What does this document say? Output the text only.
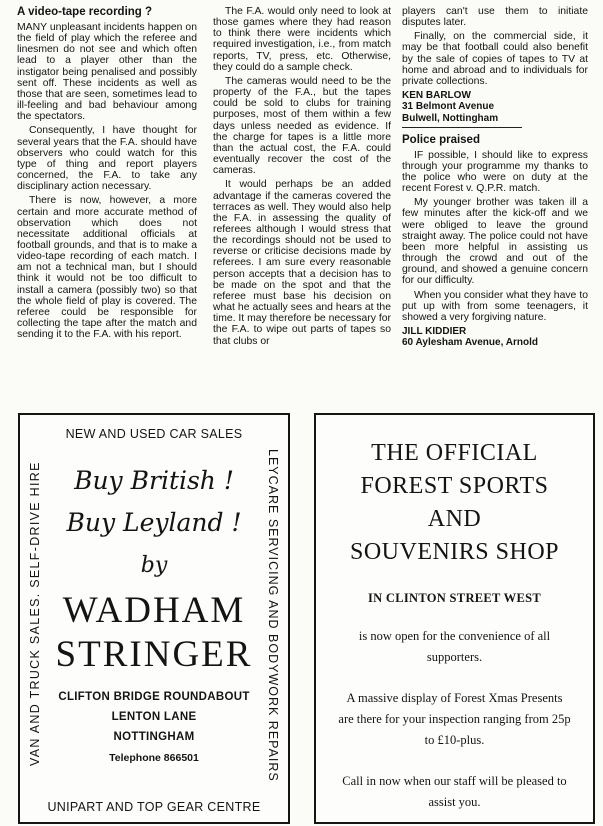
A video-tape recording ?

MANY unpleasant incidents happen on the field of play which the referee and linesmen do not see and which often lead to a player other than the instigator being penalised and possibly sent off. These incidents as well as those that are seen, sometimes lead to ill-feeling and bad behaviour among the spectators.

Consequently, I have thought for several years that the F.A. should have observers who could watch for this type of thing and report players concerned, the F.A. to take any disciplinary action necessary.

There is now, however, a more certain and more accurate method of observation which does not necessitate additional officials at football grounds, and that is to make a video-tape recording of each match. I am not a technical man, but I should think it would not be too difficult to install a camera (possibly two) so that the whole field of play is covered. The referee could be responsible for collecting the tape after the match and sending it to the F.A. with his report.

The F.A. would only need to look at those games where they had reason to think there were incidents which required investigation, i.e., from match reports, TV, press, etc. Otherwise, they could do a sample check.

The cameras would need to be the property of the F.A., but the tapes could be sold to clubs for training purposes, most of them within a few days unless needed as evidence. If the charge for tapes is a little more than the actual cost, the F.A. could eventually recover the cost of the cameras.

It would perhaps be an added advantage if the cameras covered the terraces as well. They would also help the F.A. in assessing the quality of referees although I would stress that the recordings should not be used to reverse or criticise decisions made by referees. I am sure every reasonable person accepts that a decision has to be made on the spot and that the referee must base his decision on what he actually sees and hears at the time. It may therefore be necessary for the F.A. to wipe out parts of tapes so that clubs or

players can't use them to initiate disputes later.

Finally, on the commercial side, it may be that football could also benefit by the sale of copies of tapes to TV at home and abroad and to individuals for private collections.

KEN BARLOW
31 Belmont Avenue
Bulwell, Nottingham
Police praised

IF possible, I should like to express through your programme my thanks to the police who were on duty at the recent Forest v. Q.P.R. match.

My younger brother was taken ill a few minutes after the kick-off and we were obliged to leave the ground straight away. The police could not have been more helpful in assisting us through the crowd and out of the ground, and showed a genuine concern for our difficulty.

When you consider what they have to put up with from some teenagers, it showed a very forgiving nature.

JILL KIDDIER
60 Aylesham Avenue, Arnold
NEW AND USED CAR SALES
VAN AND TRUCK SALES. SELF-DRIVE HIRE	LEYCARE SERVICING AND BODYWORK REPAIRS
Buy British !
Buy Leyland !
by
WADHAM
STRINGER
CLIFTON BRIDGE ROUNDABOUT
LENTON LANE
NOTTINGHAM
Telephone 866501
UNIPART AND TOP GEAR CENTRE
THE OFFICIAL
FOREST SPORTS
AND
SOUVENIRS SHOP
IN CLINTON STREET WEST
is now open for the convenience of all supporters.
A massive display of Forest Xmas Presents are there for your inspection ranging from 25p to £10-plus.
Call in now when our staff will be pleased to assist you.
